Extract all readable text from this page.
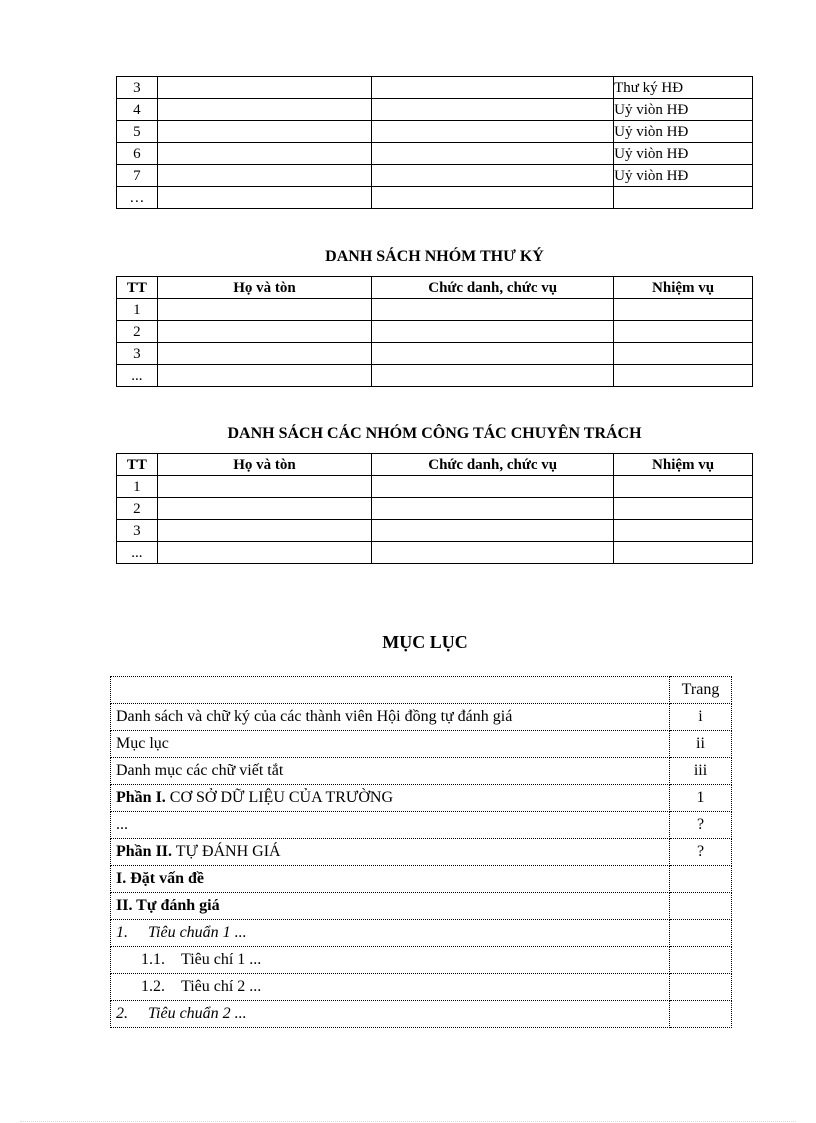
3			Thư ký HĐ
4			Uỷ viòn HĐ
5			Uỷ viòn HĐ
6			Uỷ viòn HĐ
7			Uỷ viòn HĐ
…			
DANH SÁCH NHÓM THƯ KÝ
TT	Họ và tòn	Chức danh, chức vụ	Nhiệm vụ
1			
2			
3			
...			
DANH SÁCH CÁC NHÓM CÔNG TÁC CHUYÊN TRÁCH
TT	Họ và tòn	Chức danh, chức vụ	Nhiệm vụ
1			
2			
3			
...			
MỤC LỤC
	Trang
Danh sách và chữ ký của các thành viên Hội đồng tự đánh giá	i
Mục lục	ii
Danh mục các chữ viết tắt	iii
Phần I. CƠ SỞ DỮ LIỆU CỦA TRƯỜNG	1
...	?
Phần II. TỰ ĐÁNH GIÁ	?
I. Đặt vấn đề	
II. Tự đánh giá	
1. Tiêu chuẩn 1 ...	
1.1. Tiêu chí 1 ...	
1.2. Tiêu chí 2 ...	
2. Tiêu chuẩn 2 ...	
